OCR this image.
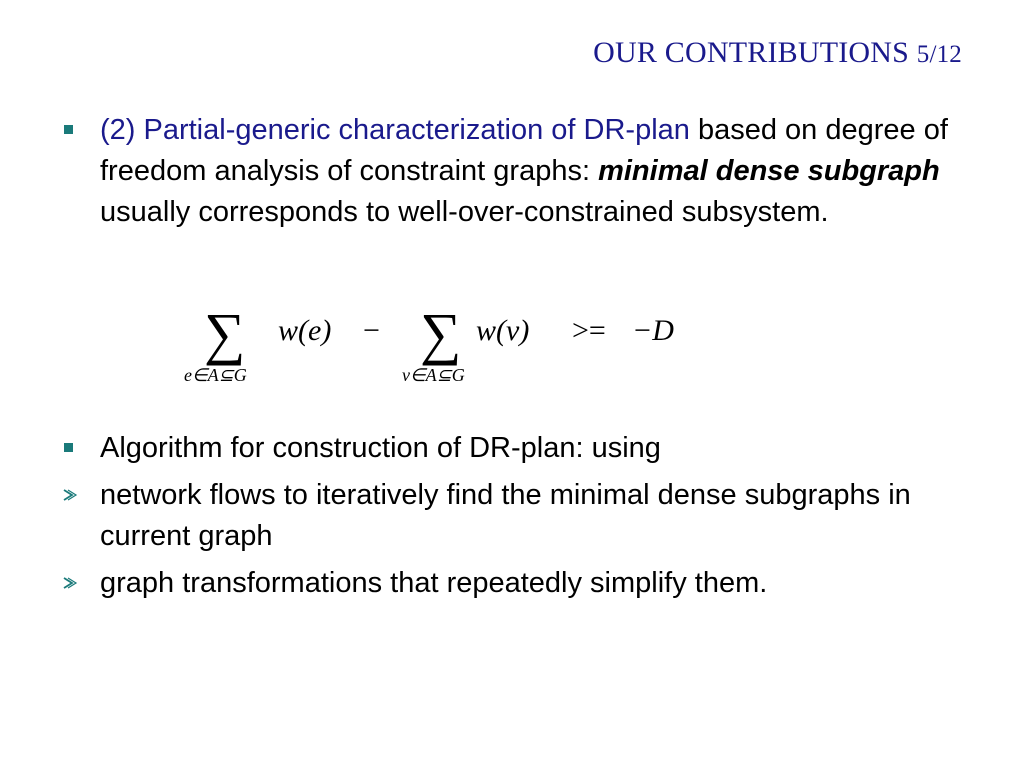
OUR CONTRIBUTIONS 5/12
(2) Partial-generic characterization of DR-plan based on degree of freedom analysis of constraint graphs: minimal dense subgraph usually corresponds to well-over-constrained subsystem.
∑ w(e) −
e∈A⊆G
∑ w(v) >= −D
v∈A⊆G
Algorithm for construction of DR-plan: using
network flows to iteratively find the minimal dense subgraphs in current graph
graph transformations that repeatedly simplify them.
